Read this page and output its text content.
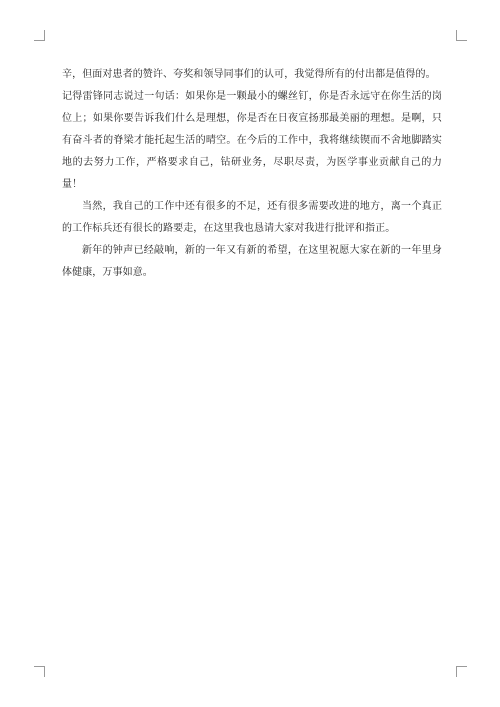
辛，但面对患者的赞许、夸奖和领导同事们的认可，我觉得所有的付出都是值得的。

记得雷锋同志说过一句话：如果你是一颗最小的螺丝钉，你是否永远守在你生活的岗位上；如果你要告诉我们什么是理想，你是否在日夜宣扬那最美丽的理想。是啊，只有奋斗者的脊梁才能托起生活的晴空。在今后的工作中，我将继续锲而不舍地脚踏实地的去努力工作，严格要求自己，钻研业务，尽职尽责，为医学事业贡献自己的力量！

当然，我自己的工作中还有很多的不足，还有很多需要改进的地方，离一个真正的工作标兵还有很长的路要走，在这里我也恳请大家对我进行批评和指正。

新年的钟声已经敲响，新的一年又有新的希望，在这里祝愿大家在新的一年里身体健康，万事如意。
